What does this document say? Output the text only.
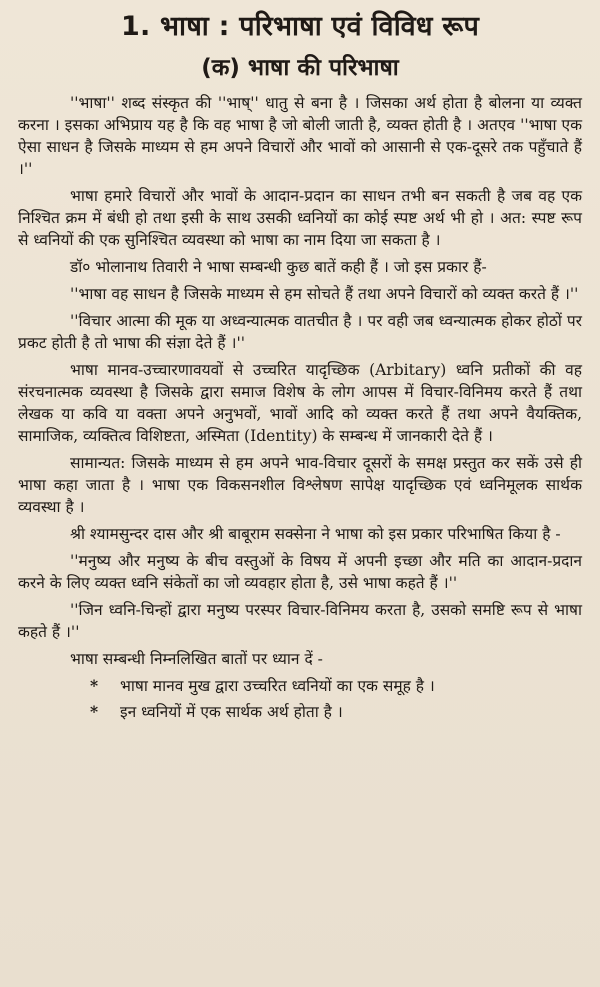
1. भाषा : परिभाषा एवं विविध रूप
(क) भाषा की परिभाषा

''भाषा'' शब्द संस्कृत की ''भाष्'' धातु से बना है । जिसका अर्थ होता है बोलना या व्यक्त करना । इसका अभिप्राय यह है कि वह भाषा है जो बोली जाती है, व्यक्त होती है । अतएव ''भाषा एक ऐसा साधन है जिसके माध्यम से हम अपने विचारों और भावों को आसानी से एक-दूसरे तक पहुँचाते हैं ।''

भाषा हमारे विचारों और भावों के आदान-प्रदान का साधन तभी बन सकती है जब वह एक निश्चित क्रम में बंधी हो तथा इसी के साथ उसकी ध्वनियों का कोई स्पष्ट अर्थ भी हो । अत: स्पष्ट रूप से ध्वनियों की एक सुनिश्चित व्यवस्था को भाषा का नाम दिया जा सकता है ।

डॉ० भोलानाथ तिवारी ने भाषा सम्बन्धी कुछ बातें कही हैं । जो इस प्रकार हैं-

''भाषा वह साधन है जिसके माध्यम से हम सोचते हैं तथा अपने विचारों को व्यक्त करते हैं ।''

''विचार आत्मा की मूक या अध्वन्यात्मक वातचीत है । पर वही जब ध्वन्यात्मक होकर होठों पर प्रकट होती है तो भाषा की संज्ञा देते हैं ।''

भाषा मानव-उच्चारणावयवों से उच्चरित यादृच्छिक (Arbitary) ध्वनि प्रतीकों की वह संरचनात्मक व्यवस्था है जिसके द्वारा समाज विशेष के लोग आपस में विचार-विनिमय करते हैं तथा लेखक या कवि या वक्ता अपने अनुभवों, भावों आदि को व्यक्त करते हैं तथा अपने वैयक्तिक, सामाजिक, व्यक्तित्व विशिष्टता, अस्मिता (Identity) के सम्बन्ध में जानकारी देते हैं ।

सामान्यत: जिसके माध्यम से हम अपने भाव-विचार दूसरों के समक्ष प्रस्तुत कर सकें उसे ही भाषा कहा जाता है । भाषा एक विकसनशील विश्लेषण सापेक्ष यादृच्छिक एवं ध्वनिमूलक सार्थक व्यवस्था है ।

श्री श्यामसुन्दर दास और श्री बाबूराम सक्सेना ने भाषा को इस प्रकार परिभाषित किया है -

''मनुष्य और मनुष्य के बीच वस्तुओं के विषय में अपनी इच्छा और मति का आदान-प्रदान करने के लिए व्यक्त ध्वनि संकेतों का जो व्यवहार होता है, उसे भाषा कहते हैं ।''

''जिन ध्वनि-चिन्हों द्वारा मनुष्य परस्पर विचार-विनिमय करता है, उसको समष्टि रूप से भाषा कहते हैं ।''

भाषा सम्बन्धी निम्नलिखित बातों पर ध्यान दें -

*	भाषा मानव मुख द्वारा उच्चरित ध्वनियों का एक समूह है ।
*	इन ध्वनियों में एक सार्थक अर्थ होता है ।
